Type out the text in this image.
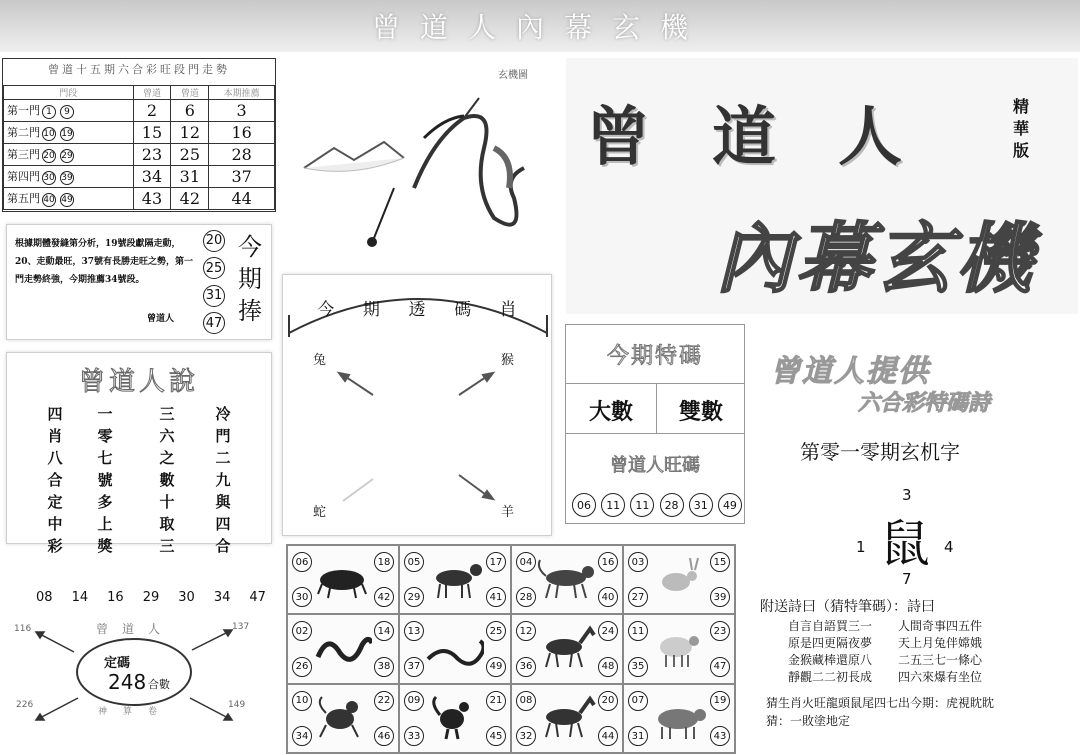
曾道人內幕玄機
曾道十五期六合彩旺段門走勢
門段	曾道	曾道	本期推薦
第一門 1 9	2	6	3
第二門 10 19	15	12	16
第三門 20 29	23	25	28
第四門 30 39	34	31	37
第五門 40 49	43	42	44
根據期體發縫第分析，19號段獻隔走動，20、走動最旺，37號有長勝走旺之勢，第一門走勢終強，今期推薦34號段。
曾道人
20 25 31 47
今期捧
曾道人說
冷門二九與四合
三六之數十取三
一零七號多上獎
四肖八合定中彩
08 14 16 29 30 34 47
曾道人
神算卷
定碼
248 合數
116	137
226	149
玄機圖
曾道人	精華版
內幕玄機
今 期 透 碼 肖
兔	猴
蛇	羊
今期特碼
大數	雙數
曾道人旺碼
06	11	11	28	31	49
曾道人提供
六合彩特碼詩
第零一零期玄机字
3
鼠
1	4
7
附送詩曰（猜特筆碼）：詩曰
自言自語買三一 人間奇事四五件
原是四更隔夜夢 天上月兔伴嫦娥
金猴藏棒還原八 二五三七一條心
靜觀二二初長成 四六來爆有坐位
猜生肖火旺龍頭鼠尾四七出今期：虎視眈眈
猜：一敗塗地定
06	18
30	42
05	17
29	41
04	16
28	40
03	15
27	39
02	14
26	38
13	25
37	49
12	24
36	48
11	23
35	47
10	22
34	46
09	21
33	45
08	20
32	44
07	19
31	43
